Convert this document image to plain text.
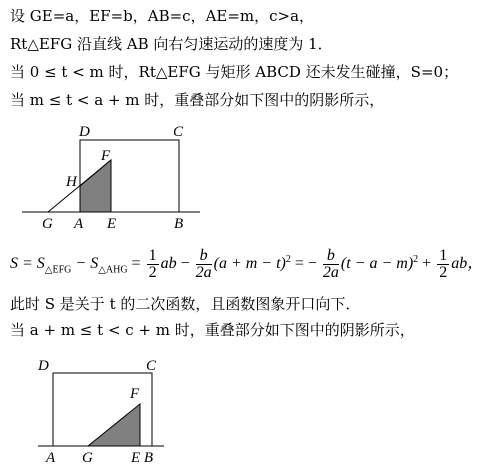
设 GE=a，EF=b，AB=c，AE=m，c>a，
Rt△EFG 沿直线 AB 向右匀速运动的速度为 1．
当 0 ≤ t < m 时，Rt△EFG 与矩形 ABCD 还未发生碰撞，S=0；
当 m ≤ t < a + m 时，重叠部分如下图中的阴影所示，
D	C
F
H
G A E	B
$S = S_{\triangle EFG} - S_{\triangle AHG} = \frac{1}{2}$ ab − $\frac{b}{2a} (a + m - t)^2$ = − $\frac{b}{2a} (t - a - m)^2 + \frac{1}{2}$ ab，
此时 S 是关于 t 的二次函数，且函数图象开口向下．
当 a + m ≤ t < c + m 时，重叠部分如下图中的阴影所示，
D	C
F
A G	E B
